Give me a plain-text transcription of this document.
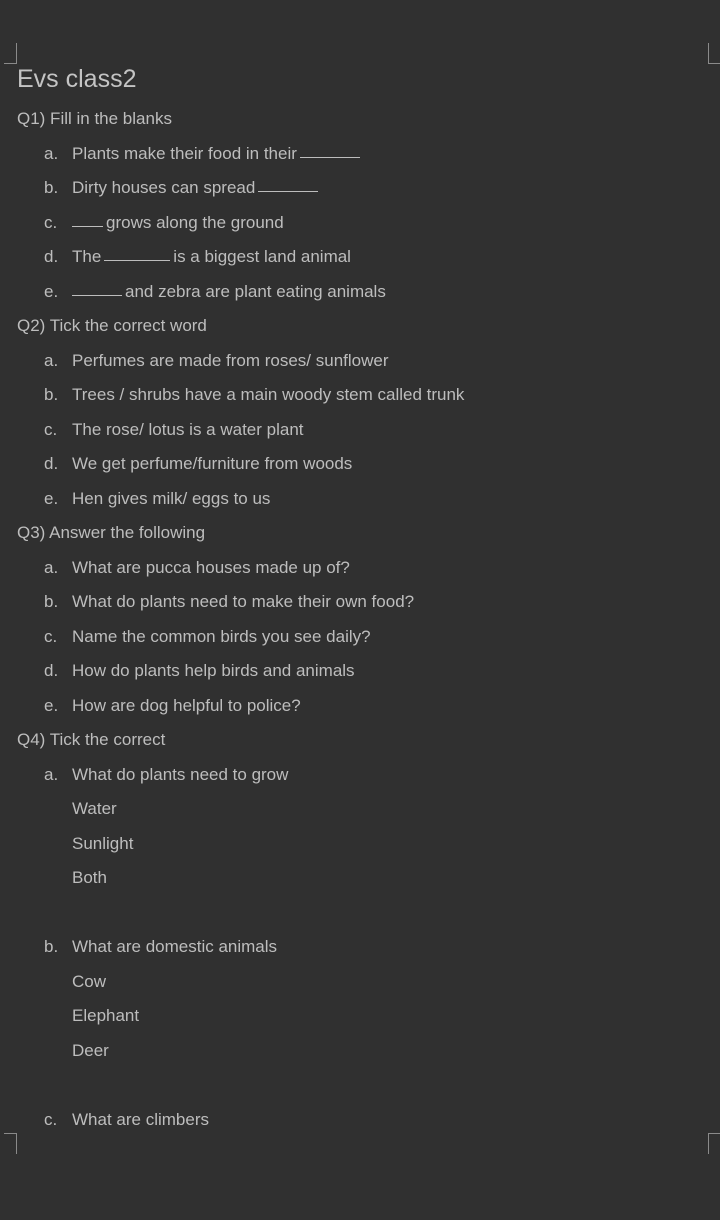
Evs class2
Q1) Fill in the blanks
a. Plants make their food in their
b. Dirty houses can spread
c.	grows along the ground
d. The	is a biggest land animal
e.	and zebra are plant eating animals
Q2) Tick the correct word
a. Perfumes are made from roses/ sunflower
b. Trees / shrubs have a main woody stem called trunk
c. The rose/ lotus is a water plant
d. We get perfume/furniture from woods
e. Hen gives milk/ eggs to us
Q3) Answer the following
a. What are pucca houses made up of?
b. What do plants need to make their own food?
c. Name the common birds you see daily?
d. How do plants help birds and animals
e. How are dog helpful to police?
Q4) Tick the correct
a. What do plants need to grow
Water
Sunlight
Both
b. What are domestic animals
Cow
Elephant
Deer
c. What are climbers
